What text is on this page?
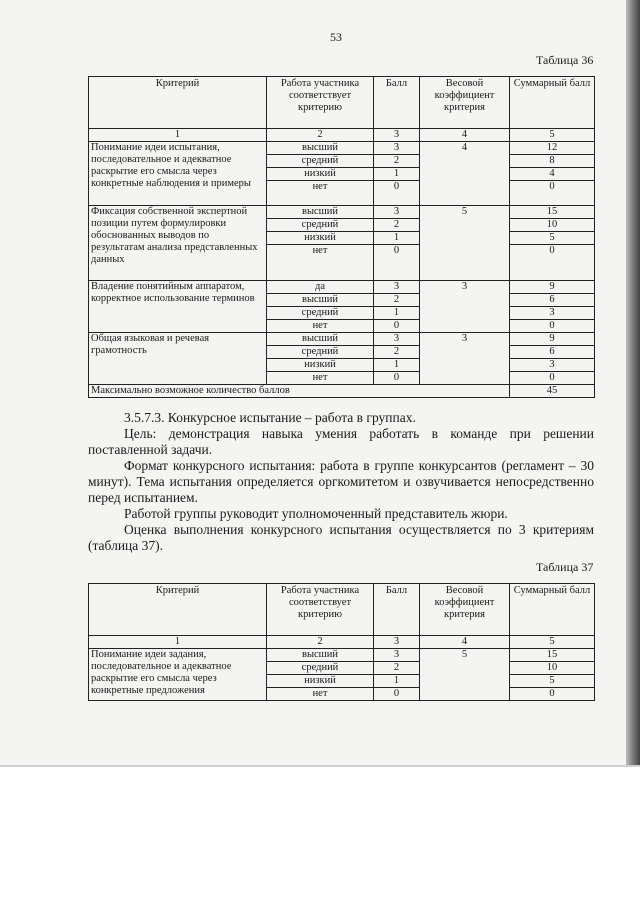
53
Таблица 36
Критерий	Работа участника соответствует критерию	Балл	Весовой коэффициент критерия	Суммарный балл
1	2	3	4	5
Понимание идеи испытания, последовательное и адекватное раскрытие его смысла через конкретные наблюдения и примеры	высший	3	4	12
	средний	2		8
	низкий	1		4
	нет	0		0
Фиксация собственной экспертной позиции путем формулировки обоснованных выводов по результатам анализа представленных данных	высший	3	5	15
	средний	2		10
	низкий	1		5
	нет	0		0
Владение понятийным аппаратом, корректное использование терминов	да	3	3	9
	высший	2		6
	средний	1		3
	нет	0		0
Общая языковая и речевая грамотность	высший	3	3	9
	средний	2		6
	низкий	1		3
	нет	0		0
Максимально возможное количество баллов				45
3.5.7.3. Конкурсное испытание – работа в группах.
Цель: демонстрация навыка умения работать в команде при решении поставленной задачи.
Формат конкурсного испытания: работа в группе конкурсантов (регламент – 30 минут). Тема испытания определяется оргкомитетом и озвучивается непосредственно перед испытанием.
Работой группы руководит уполномоченный представитель жюри.
Оценка выполнения конкурсного испытания осуществляется по 3 критериям (таблица 37).
Таблица 37
Критерий	Работа участника соответствует критерию	Балл	Весовой коэффициент критерия	Суммарный балл
1	2	3	4	5
Понимание идеи задания, последовательное и адекватное раскрытие его смысла через конкретные предложения	высший	3	5	15
	средний	2		10
	низкий	1		5
	нет	0		0
